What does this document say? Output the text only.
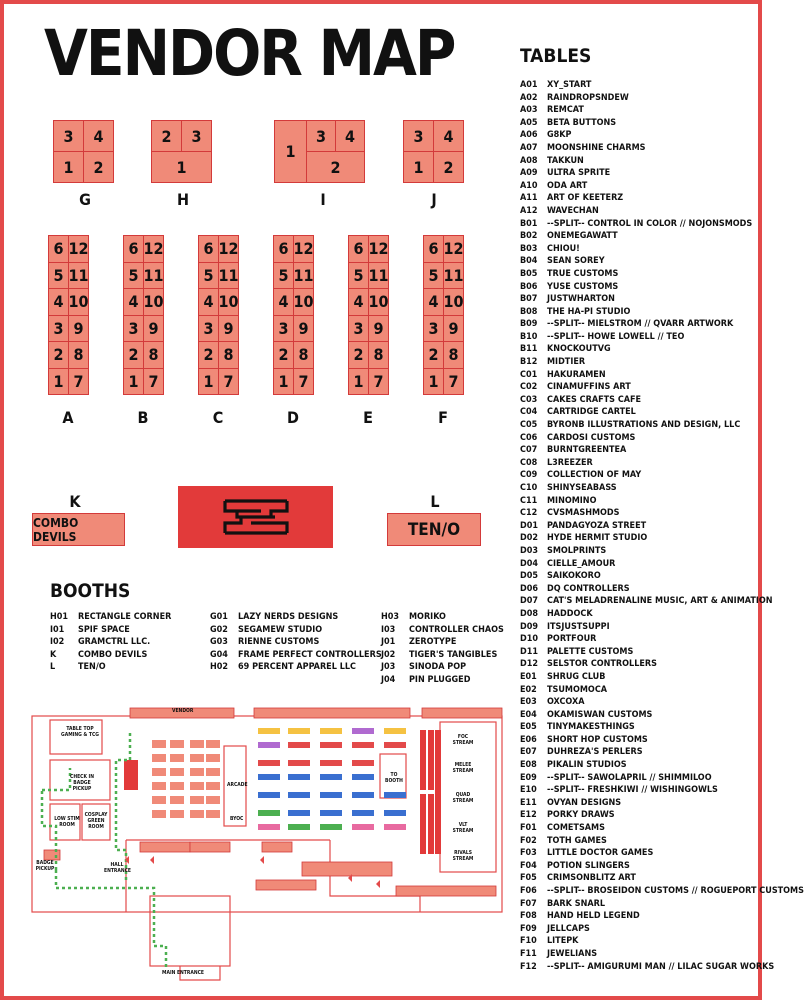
VENDOR MAP	TABLES
A01 XY_START
A02 RAINDROPSNDEW
A03 REMCAT
A05 BETA BUTTONS
A06 G8KP
A07 MOONSHINE CHARMS
A08 TAKKUN
A09 ULTRA SPRITE
A10 ODA ART
A11 ART OF KEETERZ
A12 WAVECHAN
B01 --SPLIT-- CONTROL IN COLOR // NOJONSMODS
B02 ONEMEGAWATT
B03 CHIOU!
B04 SEAN SOREY
B05 TRUE CUSTOMS
B06 YUSE CUSTOMS
B07 JUSTWHARTON
B08 THE HA-PI STUDIO
B09 --SPLIT-- MIELSTROM // QVARR ARTWORK
B10 --SPLIT-- HOWE LOWELL // TEO
B11 KNOCKOUTVG
B12 MIDTIER
C01 HAKURAMEN
C02 CINAMUFFINS ART
C03 CAKES CRAFTS CAFE
C04 CARTRIDGE CARTEL
C05 BYRONB ILLUSTRATIONS AND DESIGN, LLC
C06 CARDOSI CUSTOMS
C07 BURNTGREENTEA
C08 L3REEZER
C09 COLLECTION OF MAY
C10 SHINYSEABASS
C11 MINOMINO
C12 CVSMASHMODS
D01 PANDAGYOZA STREET
D02 HYDE HERMIT STUDIO
D03 SMOLPRINTS
D04 CIELLE_AMOUR
D05 SAIKOKORO
D06 DQ CONTROLLERS
D07 CAT'S MELADRENALINE MUSIC, ART & ANIMATION
D08 HADDOCK
D09 ITSJUSTSUPPI
D10 PORTFOUR
D11 PALETTE CUSTOMS
D12 SELSTOR CONTROLLERS
E01 SHRUG CLUB
E02 TSUMOMOCA
E03 OXCOXA
E04 OKAMISWAN CUSTOMS
E05 TINYMAKESTHINGS
E06 SHORT HOP CUSTOMS
E07 DUHREZA'S PERLERS
E08 PIKALIN STUDIOS
E09 --SPLIT-- SAWOLAPRIL // SHIMMILOO
E10 --SPLIT-- FRESHKIWI // WISHINGOWLS
E11 OVYAN DESIGNS
E12 PORKY DRAWS
F01 COMETSAMS
F02 TOTH GAMES
F03 LITTLE DOCTOR GAMES
F04 POTION SLINGERS
F05 CRIMSONBLITZ ART
F06 --SPLIT-- BROSEIDON CUSTOMS // ROGUEPORT CUSTOMS
F07 BARK SNARL
F08 HAND HELD LEGEND
F09 JELLCAPS
F10 LITEPK
F11 JEWELIANS
F12 --SPLIT-- AMIGURUMI MAN // LILAC SUGAR WORKS
3	4
1	2
G
2	3
1
H
1
3	4
2
I
3	4
1	2
J
6 12
5 11
4 10
3 9
2 8
1 7
A
6 12
5 11
4 10
3 9
2 8
1 7
B
6 12
5 11
4 10
3 9
2 8
1 7
C
6 12
5 11
4 10
3 9
2 8
1 7
D
6 12
5 11
4 10
3 9
2 8
1 7
E
6 12
5 11
4 10
3 9
2 8
1 7
F
K
COMBO DEVILS
L
TEN/O
BOOTHS
H01 RECTANGLE CORNER
I01 SPIF SPACE
I02 GRAMCTRL LLC.
K COMBO DEVILS
L	TEN/O
G01 LAZY NERDS DESIGNS
G02 SEGAMEW STUDIO
G03 RIENNE CUSTOMS
G04 FRAME PERFECT CONTROLLERS
H02 69 PERCENT APPAREL LLC
H03 MORIKO
I03 CONTROLLER CHAOS
J01 ZEROTYPE
J02 TIGER'S TANGIBLES
J03 SINODA POP
J04 PIN PLUGGED
TABLE TOP GAMING & TCG
CHECK IN BADGE PICKUP
LOW STIM ROOM
COSPLAY GREEN ROOM
ARCADE
BYOC
TO BOOTH
FOC STREAM
MELEE STREAM
QUAD STREAM
VLT STREAM
RIVALS STREAM
BADGE PICKUP
HALL ENTRANCE
MAIN ENTRANCE
VENDOR
